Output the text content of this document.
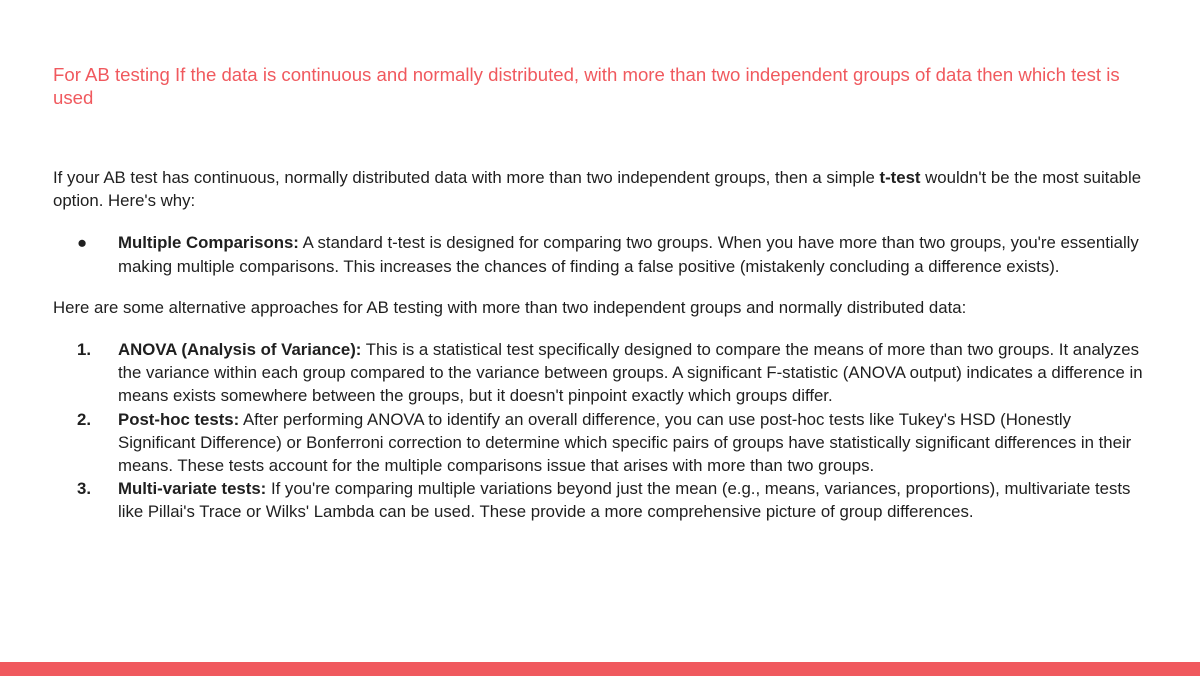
For AB testing If the data is continuous and normally distributed, with more than two independent groups of data then which test is used

If your AB test has continuous, normally distributed data with more than two independent groups, then a simple t-test wouldn't be the most suitable option. Here's why:

● Multiple Comparisons: A standard t-test is designed for comparing two groups. When you have more than two groups, you're essentially making multiple comparisons. This increases the chances of finding a false positive (mistakenly concluding a difference exists).

Here are some alternative approaches for AB testing with more than two independent groups and normally distributed data:

1. ANOVA (Analysis of Variance): This is a statistical test specifically designed to compare the means of more than two groups. It analyzes the variance within each group compared to the variance between groups. A significant F-statistic (ANOVA output) indicates a difference in means exists somewhere between the groups, but it doesn't pinpoint exactly which groups differ.
2. Post-hoc tests: After performing ANOVA to identify an overall difference, you can use post-hoc tests like Tukey's HSD (Honestly Significant Difference) or Bonferroni correction to determine which specific pairs of groups have statistically significant differences in their means. These tests account for the multiple comparisons issue that arises with more than two groups.
3. Multi-variate tests: If you're comparing multiple variations beyond just the mean (e.g., means, variances, proportions), multivariate tests like Pillai's Trace or Wilks' Lambda can be used. These provide a more comprehensive picture of group differences.
